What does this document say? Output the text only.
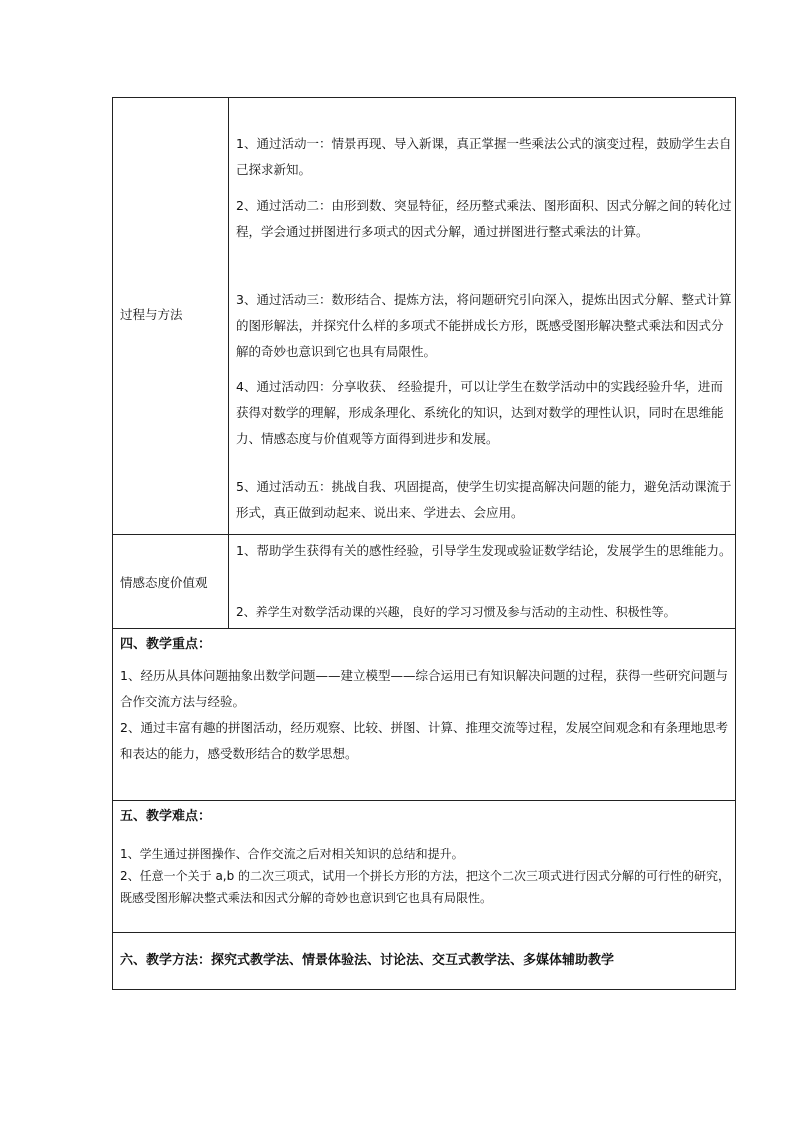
过程与方法
1、通过活动一：情景再现、导入新课，真正掌握一些乘法公式的演变过程，鼓励学生去自己探求新知。
2、通过活动二：由形到数、突显特征，经历整式乘法、图形面积、因式分解之间的转化过程，学会通过拼图进行多项式的因式分解，通过拼图进行整式乘法的计算。
3、通过活动三：数形结合、提炼方法，将问题研究引向深入，提炼出因式分解、整式计算的图形解法，并探究什么样的多项式不能拼成长方形，既感受图形解决整式乘法和因式分解的奇妙也意识到它也具有局限性。
4、通过活动四：分享收获、 经验提升，可以让学生在数学活动中的实践经验升华，进而获得对数学的理解，形成条理化、系统化的知识，达到对数学的理性认识，同时在思维能力、情感态度与价值观等方面得到进步和发展。
5、通过活动五：挑战自我、巩固提高，使学生切实提高解决问题的能力，避免活动课流于形式，真正做到动起来、说出来、学进去、会应用。
情感态度价值观
1、帮助学生获得有关的感性经验，引导学生发现或验证数学结论，发展学生的思维能力。
2、养学生对数学活动课的兴趣，良好的学习习惯及参与活动的主动性、积极性等。
四、教学重点：
1、经历从具体问题抽象出数学问题——建立模型——综合运用已有知识解决问题的过程，获得一些研究问题与合作交流方法与经验。
2、通过丰富有趣的拼图活动，经历观察、比较、拼图、计算、推理交流等过程，发展空间观念和有条理地思考和表达的能力，感受数形结合的数学思想。
五、教学难点：
1、学生通过拼图操作、合作交流之后对相关知识的总结和提升。
2、任意一个关于 a,b 的二次三项式，试用一个拼长方形的方法，把这个二次三项式进行因式分解的可行性的研究，既感受图形解决整式乘法和因式分解的奇妙也意识到它也具有局限性。
六、教学方法：探究式教学法、情景体验法、讨论法、交互式教学法、多媒体辅助教学
